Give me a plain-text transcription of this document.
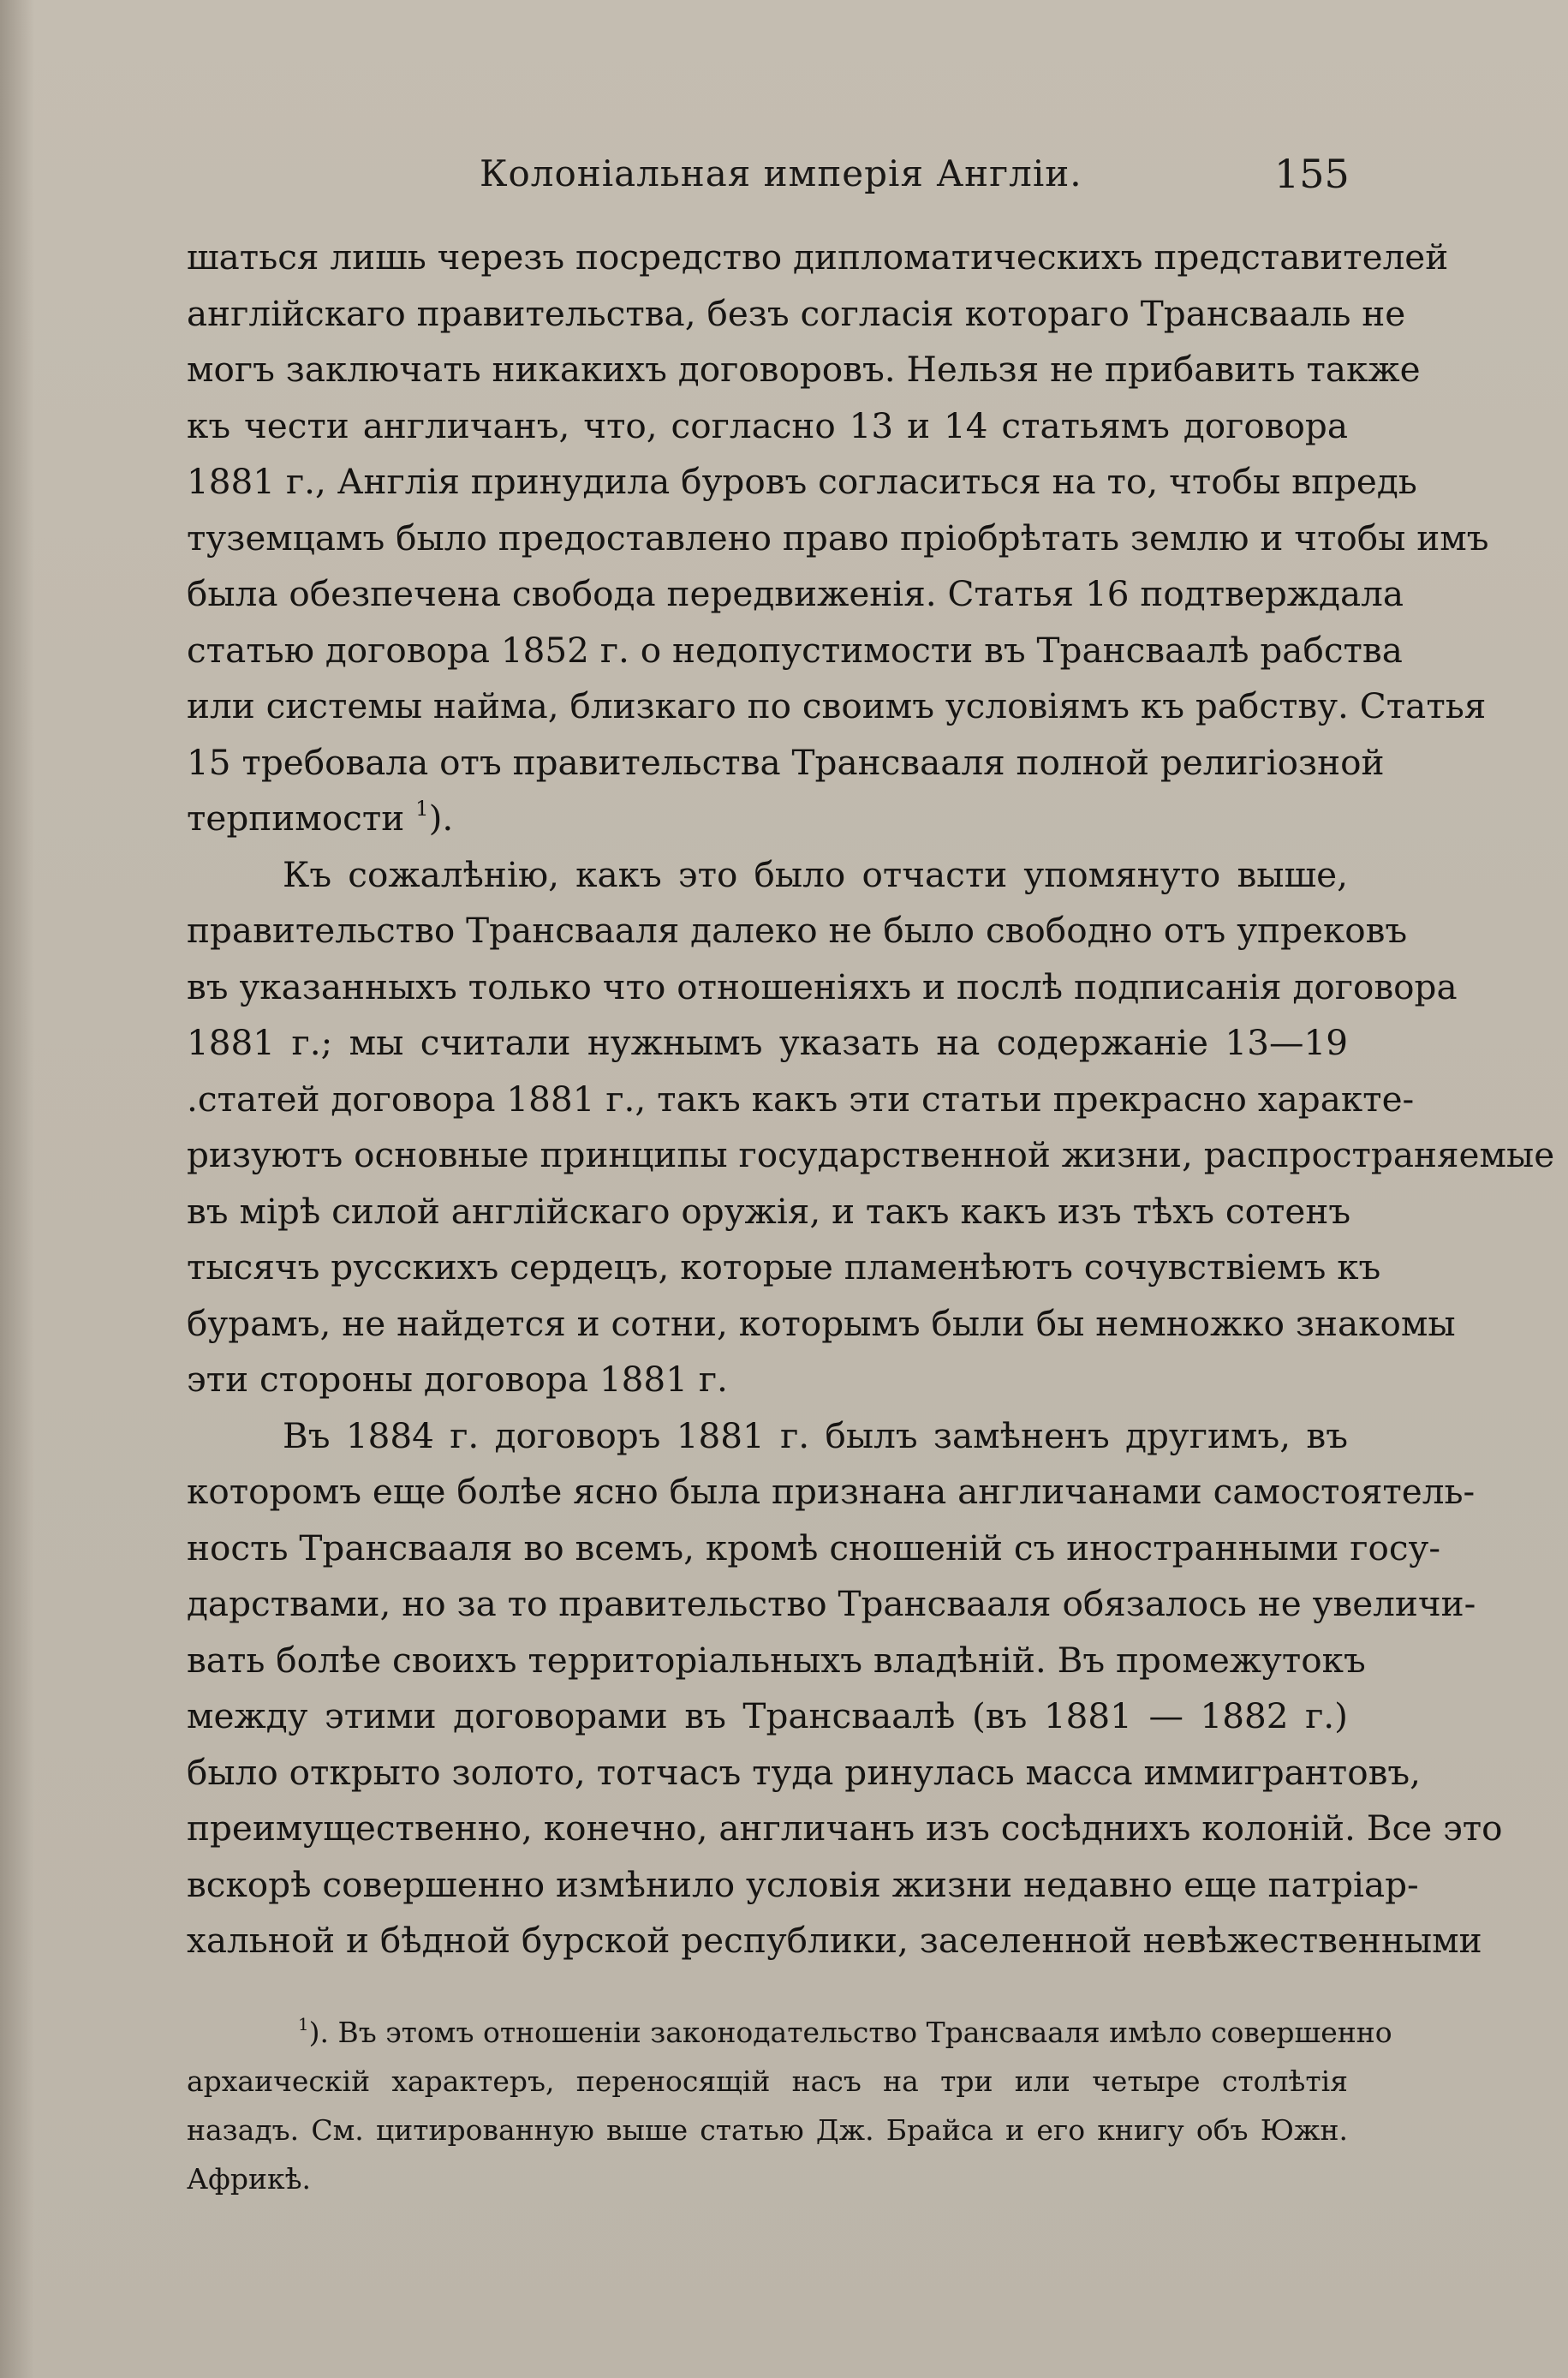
Колоніальная имперія Англіи.	155
шаться лишь черезъ посредство дипломатическихъ представителей
англійскаго правительства, безъ согласія котораго Трансвааль не
могъ заключать никакихъ договоровъ. Нельзя не прибавить также
къ чести англичанъ, что, согласно 13 и 14 статьямъ договора
1881 г., Англія принудила буровъ согласиться на то, чтобы впредь
туземцамъ было предоставлено право пріобрѣтать землю и чтобы имъ
была обезпечена свобода передвиженія. Статья 16 подтверждала
статью договора 1852 г. о недопустимости въ Трансваалѣ рабства
или системы найма, близкаго по своимъ условіямъ къ рабству. Статья
15 требовала отъ правительства Трансвааля полной религіозной
терпимости $^1$).
Къ сожалѣнію, какъ это было отчасти упомянуто выше,
правительство Трансвааля далеко не было свободно отъ упрековъ
въ указанныхъ только что отношеніяхъ и послѣ подписанія договора
1881 г.; мы считали нужнымъ указать на содержаніе 13—19
.статей договора 1881 г., такъ какъ эти статьи прекрасно характе-
ризуютъ основные принципы государственной жизни, распространяемые
въ мірѣ силой англійскаго оружія, и такъ какъ изъ тѣхъ сотенъ
тысячъ русскихъ сердецъ, которые пламенѣютъ сочувствіемъ къ
бурамъ, не найдется и сотни, которымъ были бы немножко знакомы
эти стороны договора 1881 г.
Въ 1884 г. договоръ 1881 г. былъ замѣненъ другимъ, въ
которомъ еще болѣе ясно была признана англичанами самостоятель-
ность Трансвааля во всемъ, кромѣ сношеній съ иностранными госу-
дарствами, но за то правительство Трансвааля обязалось не увеличи-
вать болѣе своихъ территоріальныхъ владѣній. Въ промежутокъ
между этими договорами въ Трансваалѣ (въ 1881 — 1882 г.)
было открыто золото, тотчасъ туда ринулась масса иммигрантовъ,
преимущественно, конечно, англичанъ изъ сосѣднихъ колоній. Все это
вскорѣ совершенно измѣнило условія жизни недавно еще патріар-
хальной и бѣдной бурской республики, заселенной невѣжественными
$^1$). Въ этомъ отношеніи законодательство Трансвааля имѣло совершенно
архаическій характеръ, переносящій насъ на три или четыре столѣтія
назадъ. См. цитированную выше статью Дж. Брайса и его книгу объ Южн.
Африкѣ.
